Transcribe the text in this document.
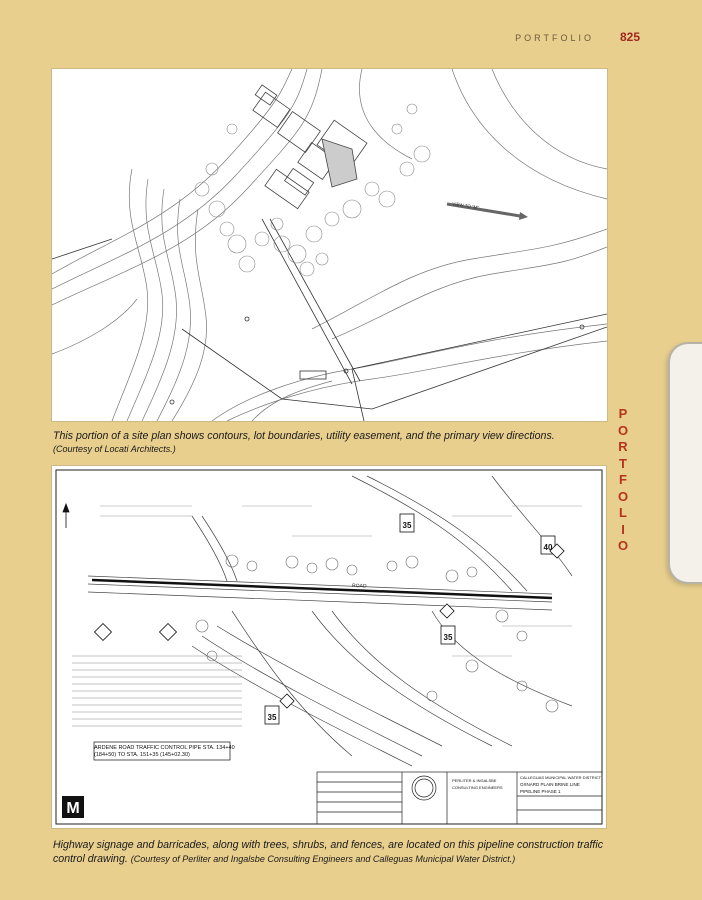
PORTFOLIO 825
VIEW TO "M"
This portion of a site plan shows contours, lot boundaries, utility easement, and the primary view directions.
(Courtesy of Locati Architects.)
ROAD
35
40
35
35
ARDENE ROAD TRAFFIC CONTROL PIPE STA. 134+40
(184+50) TO STA. 151+35 (145+02.30)
PERLITER & INGALSBE
CONSULTING ENGINEERS
CALLEGUAS MUNICIPAL WATER DISTRICT
OXNARD PLAIN BRINE LINE
PIPELINE PHASE 1
M
Highway signage and barricades, along with trees, shrubs, and fences, are located on this pipeline construction traffic control drawing. (Courtesy of Perliter and Ingalsbe Consulting Engineers and Calleguas Municipal Water District.)
P
O
R
T
F
O
L
I
O
